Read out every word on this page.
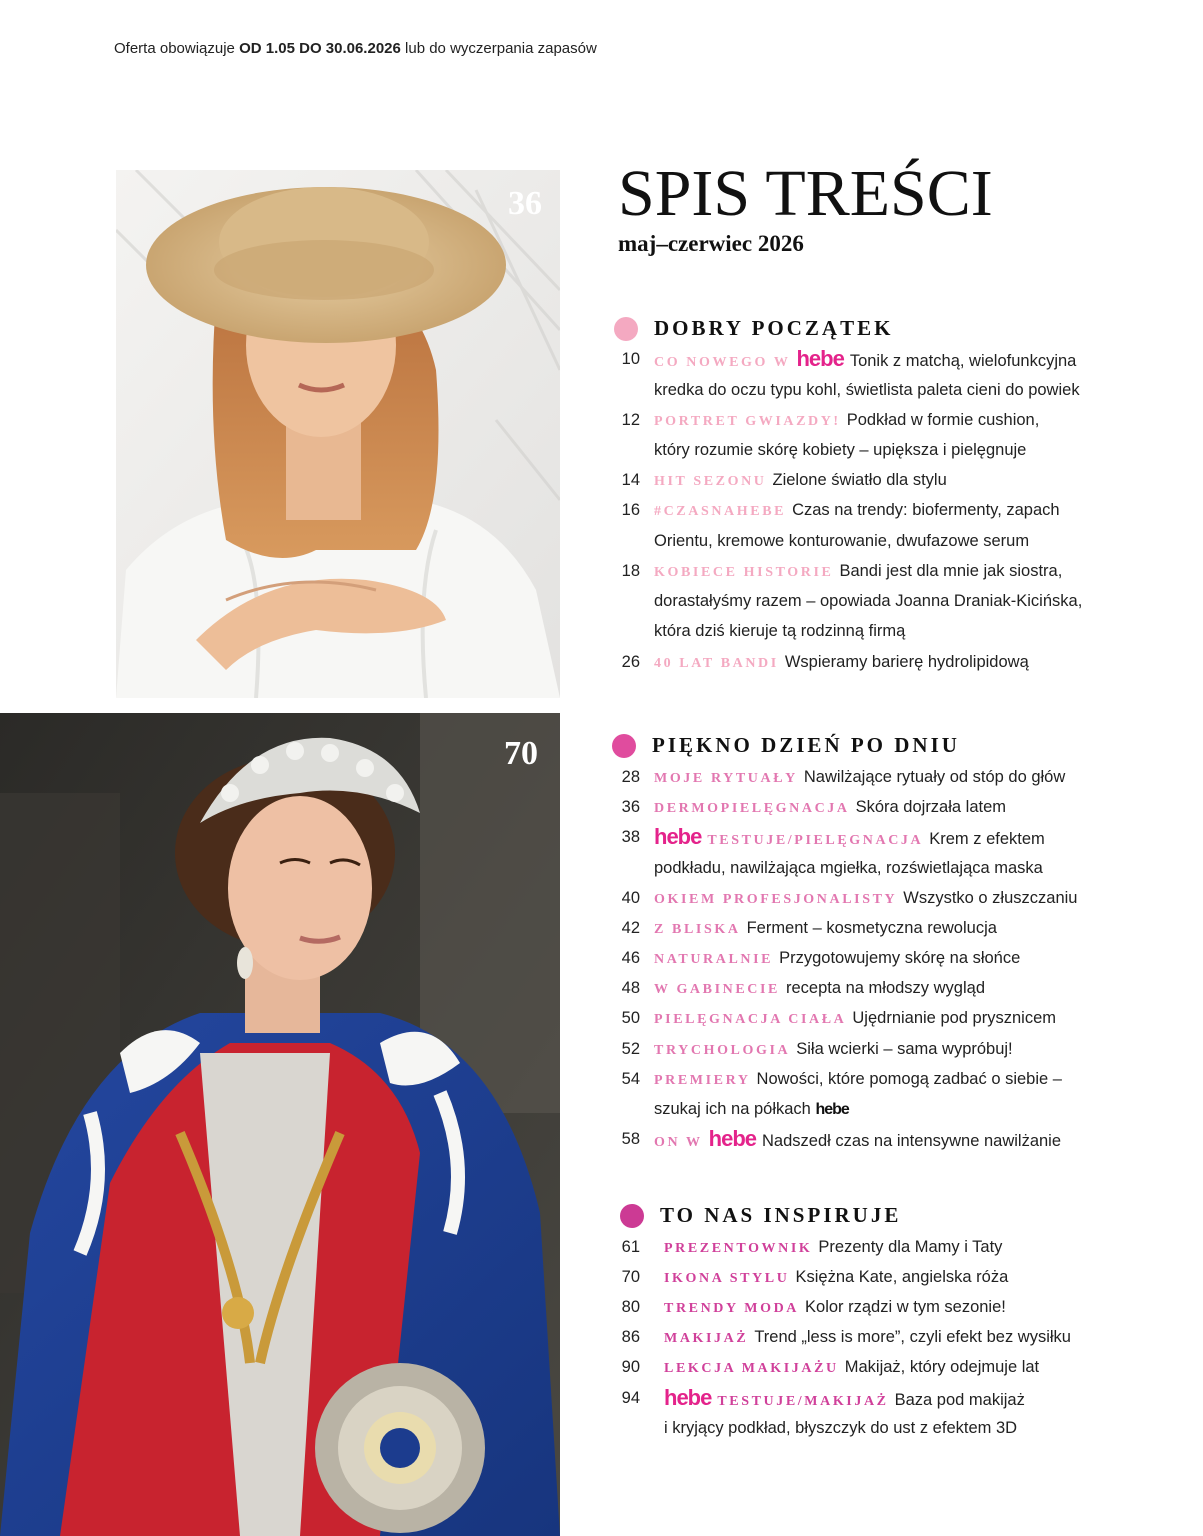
Oferta obowiązuje OD 1.05 DO 30.06.2026 lub do wyczerpania zapasów
36
70
SPIS TREŚCI
maj–czerwiec 2026
DOBRY POCZĄTEK
10 CO NOWEGO W hebe Tonik z matchą, wielofunkcyjna
kredka do oczu typu kohl, świetlista paleta cieni do powiek
12 PORTRET GWIAZDY! Podkład w formie cushion,
który rozumie skórę kobiety – upiększa i pielęgnuje
14 HIT SEZONU Zielone światło dla stylu
16 #CZASNAHEBE Czas na trendy: biofermenty, zapach
Orientu, kremowe konturowanie, dwufazowe serum
18 KOBIECE HISTORIE Bandi jest dla mnie jak siostra,
dorastałyśmy razem – opowiada Joanna Draniak-Kicińska,
która dziś kieruje tą rodzinną firmą
26 40 LAT BANDI Wspieramy barierę hydrolipidową
PIĘKNO DZIEŃ PO DNIU
28 MOJE RYTUAŁY Nawilżające rytuały od stóp do głów
36 DERMOPIELĘGNACJA Skóra dojrzała latem
38 hebe TESTUJE/PIELĘGNACJA Krem z efektem
podkładu, nawilżająca mgiełka, rozświetlająca maska
40 OKIEM PROFESJONALISTY Wszystko o złuszczaniu
42 Z BLISKA Ferment – kosmetyczna rewolucja
46 NATURALNIE Przygotowujemy skórę na słońce
48 W GABINECIE recepta na młodszy wygląd
50 PIELĘGNACJA CIAŁA Ujędrnianie pod prysznicem
52 TRYCHOLOGIA Siła wcierki – sama wypróbuj!
54 PREMIERY Nowości, które pomogą zadbać o siebie –
szukaj ich na półkach hebe
58 ON W hebe Nadszedł czas na intensywne nawilżanie
TO NAS INSPIRUJE
61 PREZENTOWNIK Prezenty dla Mamy i Taty
70 IKONA STYLU Księżna Kate, angielska róża
80 TRENDY MODA Kolor rządzi w tym sezonie!
86 MAKIJAŻ Trend „less is more”, czyli efekt bez wysiłku
90 LEKCJA MAKIJAŻU Makijaż, który odejmuje lat
94 hebe TESTUJE/MAKIJAŻ Baza pod makijaż
i kryjący podkład, błyszczyk do ust z efektem 3D
